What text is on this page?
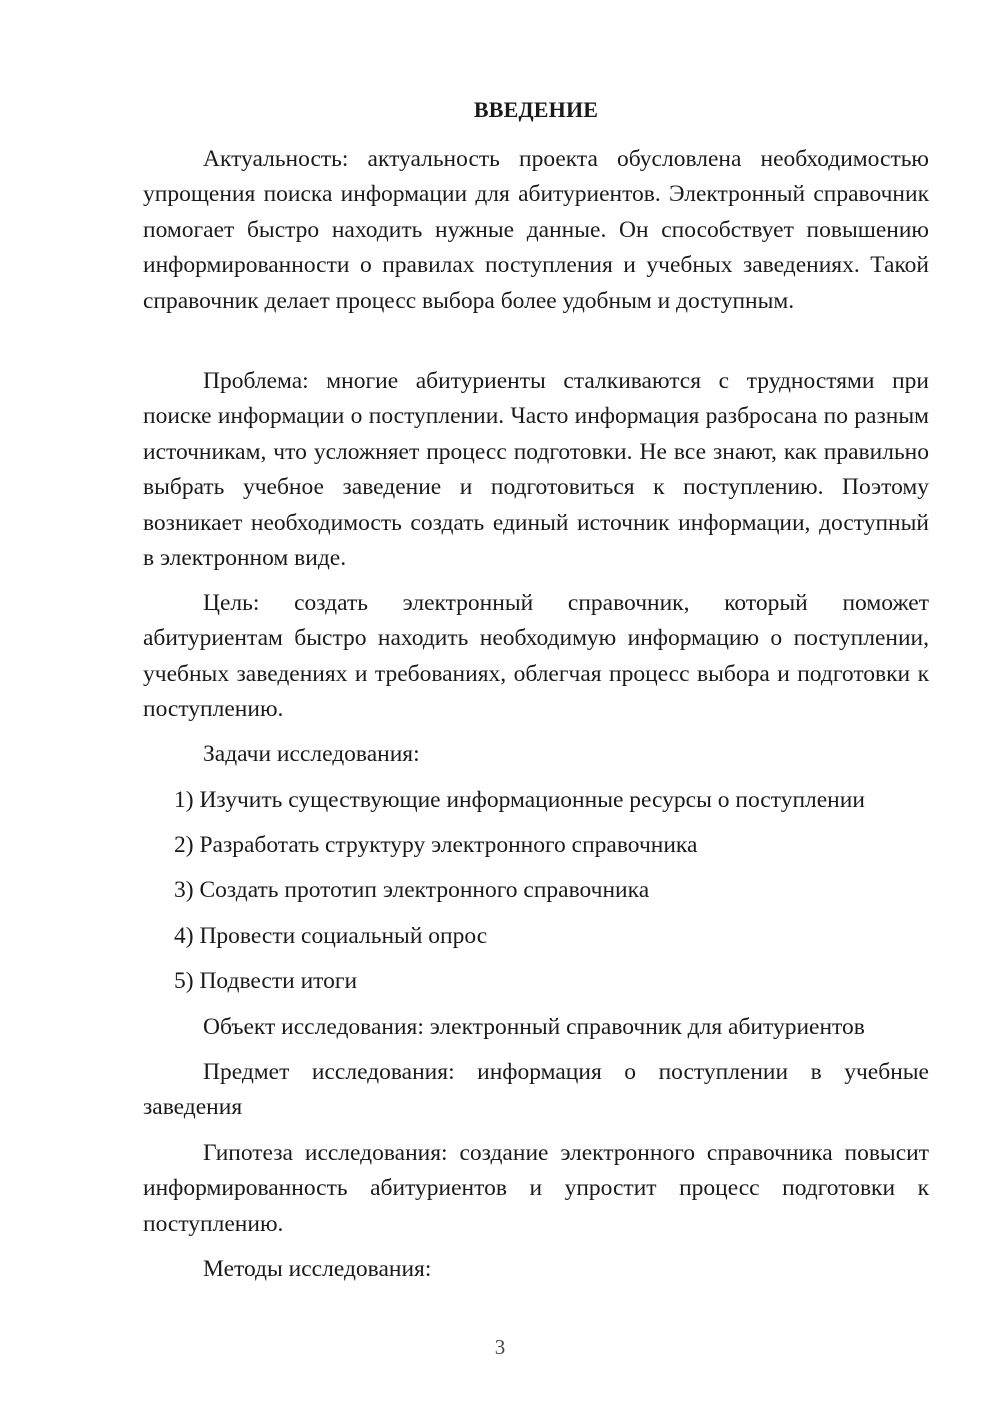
ВВЕДЕНИЕ

Актуальность: актуальность проекта обусловлена необходимостью упрощения поиска информации для абитуриентов. Электронный справочник помогает быстро находить нужные данные. Он способствует повышению информированности о правилах поступления и учебных заведениях. Такой справочник делает процесс выбора более удобным и доступным.

Проблема: многие абитуриенты сталкиваются с трудностями при поиске информации о поступлении. Часто информация разбросана по разным источникам, что усложняет процесс подготовки. Не все знают, как правильно выбрать учебное заведение и подготовиться к поступлению. Поэтому возникает необходимость создать единый источник информации, доступный в электронном виде.

Цель: создать электронный справочник, который поможет абитуриентам быстро находить необходимую информацию о поступлении, учебных заведениях и требованиях, облегчая процесс выбора и подготовки к поступлению.

Задачи исследования:

1) Изучить существующие информационные ресурсы о поступлении

2) Разработать структуру электронного справочника

3) Создать прототип электронного справочника

4) Провести социальный опрос

5) Подвести итоги

Объект исследования: электронный справочник для абитуриентов

Предмет исследования: информация о поступлении в учебные заведения

Гипотеза исследования: создание электронного справочника повысит информированность абитуриентов и упростит процесс подготовки к поступлению.

Методы исследования:

3
